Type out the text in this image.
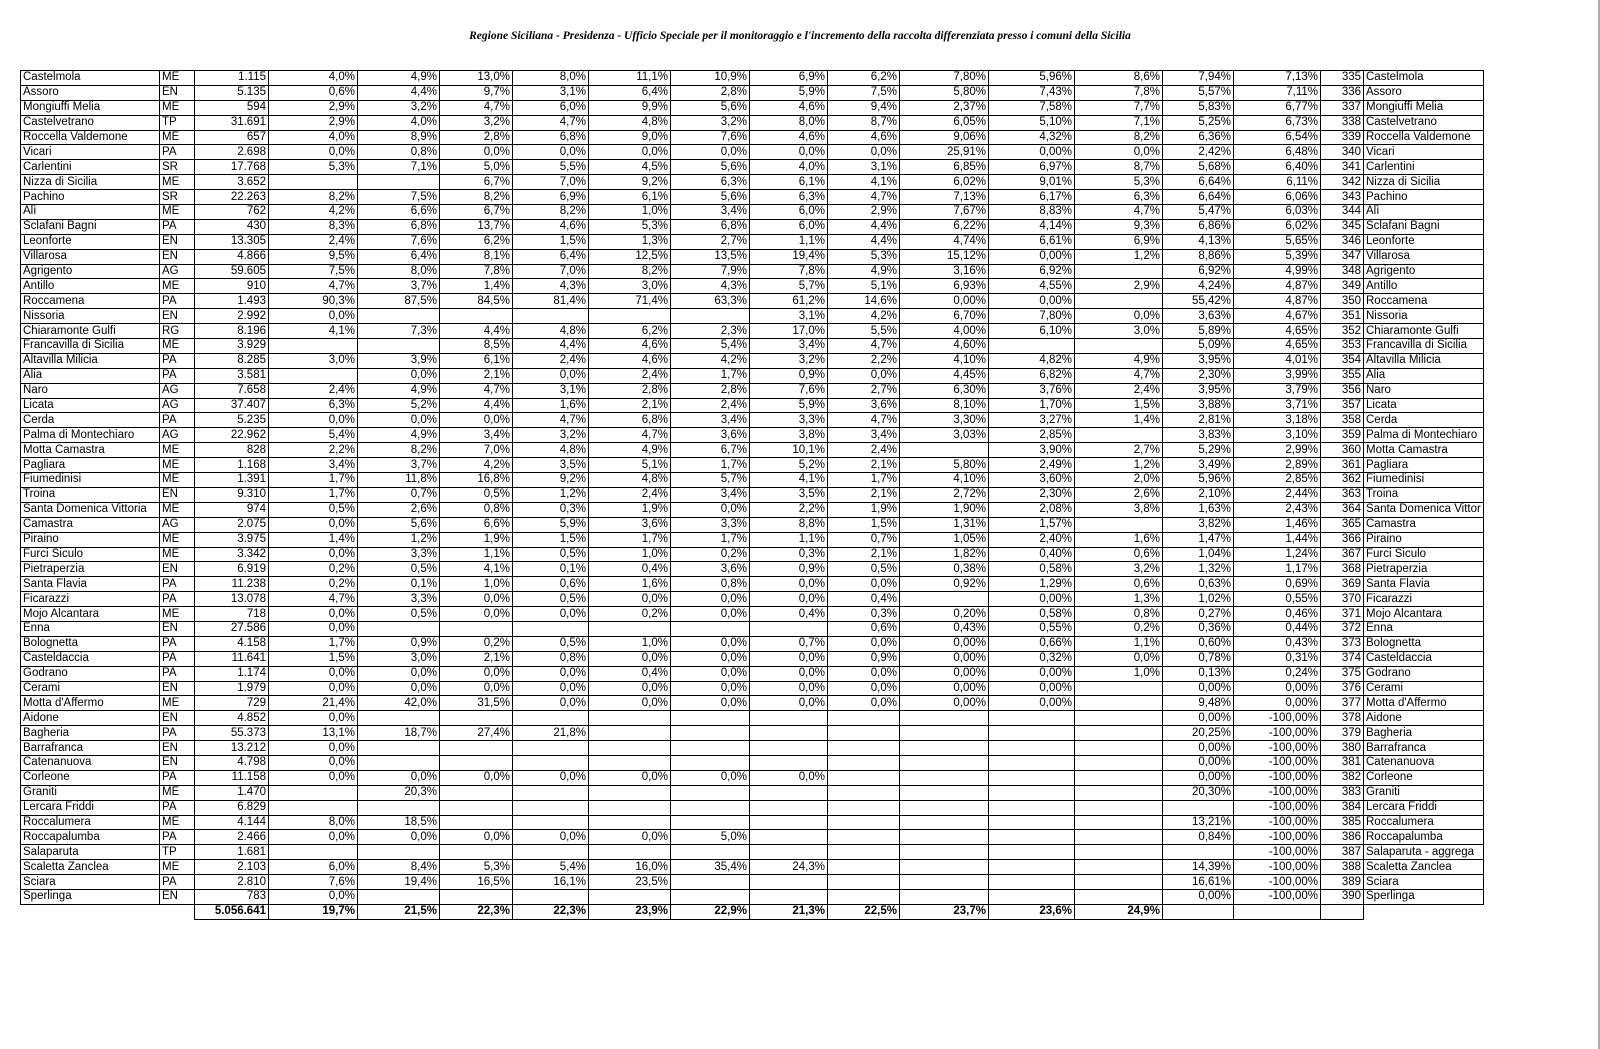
Regione Siciliana - Presidenza - Ufficio Speciale per il monitoraggio e l'incremento della raccolta differenziata presso i comuni della Sicilia
Castelmola	ME	1.115	4,0%	4,9%	13,0%	8,0%	11,1%	10,9%	6,9%	6,2%	7,80%	5,96%	8,6%	7,94%	7,13%	335	Castelmola
Assoro	EN	5.135	0,6%	4,4%	9,7%	3,1%	6,4%	2,8%	5,9%	7,5%	5,80%	7,43%	7,8%	5,57%	7,11%	336	Assoro
Mongiuffi Melia	ME	594	2,9%	3,2%	4,7%	6,0%	9,9%	5,6%	4,6%	9,4%	2,37%	7,58%	7,7%	5,83%	6,77%	337	Mongiuffi Melia
Castelvetrano	TP	31.691	2,9%	4,0%	3,2%	4,7%	4,8%	3,2%	8,0%	8,7%	6,05%	5,10%	7,1%	5,25%	6,73%	338	Castelvetrano
Roccella Valdemone	ME	657	4,0%	8,9%	2,8%	6,8%	9,0%	7,6%	4,6%	4,6%	9,06%	4,32%	8,2%	6,36%	6,54%	339	Roccella Valdemone
Vicari	PA	2.698	0,0%	0,8%	0,0%	0,0%	0,0%	0,0%	0,0%	0,0%	25,91%	0,00%	0,0%	2,42%	6,48%	340	Vicari
Carlentini	SR	17.768	5,3%	7,1%	5,0%	5,5%	4,5%	5,6%	4,0%	3,1%	6,85%	6,97%	8,7%	5,68%	6,40%	341	Carlentini
Nizza di Sicilia	ME	3.652			6,7%	7,0%	9,2%	6,3%	6,1%	4,1%	6,02%	9,01%	5,3%	6,64%	6,11%	342	Nizza di Sicilia
Pachino	SR	22.263	8,2%	7,5%	8,2%	6,9%	6,1%	5,6%	6,3%	4,7%	7,13%	6,17%	6,3%	6,64%	6,06%	343	Pachino
Alì	ME	762	4,2%	6,6%	6,7%	8,2%	1,0%	3,4%	6,0%	2,9%	7,67%	8,83%	4,7%	5,47%	6,03%	344	Alì
Sclafani Bagni	PA	430	8,3%	6,8%	13,7%	4,6%	5,3%	6,8%	6,0%	4,4%	6,22%	4,14%	9,3%	6,86%	6,02%	345	Sclafani Bagni
Leonforte	EN	13.305	2,4%	7,6%	6,2%	1,5%	1,3%	2,7%	1,1%	4,4%	4,74%	6,61%	6,9%	4,13%	5,65%	346	Leonforte
Villarosa	EN	4.866	9,5%	6,4%	8,1%	6,4%	12,5%	13,5%	19,4%	5,3%	15,12%	0,00%	1,2%	8,86%	5,39%	347	Villarosa
Agrigento	AG	59.605	7,5%	8,0%	7,8%	7,0%	8,2%	7,9%	7,8%	4,9%	3,16%	6,92%		6,92%	4,99%	348	Agrigento
Antillo	ME	910	4,7%	3,7%	1,4%	4,3%	3,0%	4,3%	5,7%	5,1%	6,93%	4,55%	2,9%	4,24%	4,87%	349	Antillo
Roccamena	PA	1.493	90,3%	87,5%	84,5%	81,4%	71,4%	63,3%	61,2%	14,6%	0,00%	0,00%		55,42%	4,87%	350	Roccamena
Nissoria	EN	2.992	0,0%						3,1%	4,2%	6,70%	7,80%	0,0%	3,63%	4,67%	351	Nissoria
Chiaramonte Gulfi	RG	8.196	4,1%	7,3%	4,4%	4,8%	6,2%	2,3%	17,0%	5,5%	4,00%	6,10%	3,0%	5,89%	4,65%	352	Chiaramonte Gulfi
Francavilla di Sicilia	ME	3.929			8,5%	4,4%	4,6%	5,4%	3,4%	4,7%	4,60%			5,09%	4,65%	353	Francavilla di Sicilia
Altavilla Milicia	PA	8.285	3,0%	3,9%	6,1%	2,4%	4,6%	4,2%	3,2%	2,2%	4,10%	4,82%	4,9%	3,95%	4,01%	354	Altavilla Milicia
Alia	PA	3.581		0,0%	2,1%	0,0%	2,4%	1,7%	0,9%	0,0%	4,45%	6,82%	4,7%	2,30%	3,99%	355	Alia
Naro	AG	7.658	2,4%	4,9%	4,7%	3,1%	2,8%	2,8%	7,6%	2,7%	6,30%	3,76%	2,4%	3,95%	3,79%	356	Naro
Licata	AG	37.407	6,3%	5,2%	4,4%	1,6%	2,1%	2,4%	5,9%	3,6%	8,10%	1,70%	1,5%	3,88%	3,71%	357	Licata
Cerda	PA	5.235	0,0%	0,0%	0,0%	4,7%	6,8%	3,4%	3,3%	4,7%	3,30%	3,27%	1,4%	2,81%	3,18%	358	Cerda
Palma di Montechiaro	AG	22.962	5,4%	4,9%	3,4%	3,2%	4,7%	3,6%	3,8%	3,4%	3,03%	2,85%		3,83%	3,10%	359	Palma di Montechiaro
Motta Camastra	ME	828	2,2%	8,2%	7,0%	4,8%	4,9%	6,7%	10,1%	2,4%		3,90%	2,7%	5,29%	2,99%	360	Motta Camastra
Pagliara	ME	1.168	3,4%	3,7%	4,2%	3,5%	5,1%	1,7%	5,2%	2,1%	5,80%	2,49%	1,2%	3,49%	2,89%	361	Pagliara
Fiumedinisi	ME	1.391	1,7%	11,8%	16,8%	9,2%	4,8%	5,7%	4,1%	1,7%	4,10%	3,60%	2,0%	5,96%	2,85%	362	Fiumedinisi
Troina	EN	9.310	1,7%	0,7%	0,5%	1,2%	2,4%	3,4%	3,5%	2,1%	2,72%	2,30%	2,6%	2,10%	2,44%	363	Troina
Santa Domenica Vittoria	ME	974	0,5%	2,6%	0,8%	0,3%	1,9%	0,0%	2,2%	1,9%	1,90%	2,08%	3,8%	1,63%	2,43%	364	Santa Domenica Vittor
Camastra	AG	2.075	0,0%	5,6%	6,6%	5,9%	3,6%	3,3%	8,8%	1,5%	1,31%	1,57%		3,82%	1,46%	365	Camastra
Piraino	ME	3.975	1,4%	1,2%	1,9%	1,5%	1,7%	1,7%	1,1%	0,7%	1,05%	2,40%	1,6%	1,47%	1,44%	366	Piraino
Furci Siculo	ME	3.342	0,0%	3,3%	1,1%	0,5%	1,0%	0,2%	0,3%	2,1%	1,82%	0,40%	0,6%	1,04%	1,24%	367	Furci Siculo
Pietraperzia	EN	6.919	0,2%	0,5%	4,1%	0,1%	0,4%	3,6%	0,9%	0,5%	0,38%	0,58%	3,2%	1,32%	1,17%	368	Pietraperzia
Santa Flavia	PA	11.238	0,2%	0,1%	1,0%	0,6%	1,6%	0,8%	0,0%	0,0%	0,92%	1,29%	0,6%	0,63%	0,69%	369	Santa Flavia
Ficarazzi	PA	13.078	4,7%	3,3%	0,0%	0,5%	0,0%	0,0%	0,0%	0,4%		0,00%	1,3%	1,02%	0,55%	370	Ficarazzi
Mojo Alcantara	ME	718	0,0%	0,5%	0,0%	0,0%	0,2%	0,0%	0,4%	0,3%	0,20%	0,58%	0,8%	0,27%	0,46%	371	Mojo Alcantara
Enna	EN	27.586	0,0%							0,6%	0,43%	0,55%	0,2%	0,36%	0,44%	372	Enna
Bolognetta	PA	4.158	1,7%	0,9%	0,2%	0,5%	1,0%	0,0%	0,7%	0,0%	0,00%	0,66%	1,1%	0,60%	0,43%	373	Bolognetta
Casteldaccia	PA	11.641	1,5%	3,0%	2,1%	0,8%	0,0%	0,0%	0,0%	0,9%	0,00%	0,32%	0,0%	0,78%	0,31%	374	Casteldaccia
Godrano	PA	1.174	0,0%	0,0%	0,0%	0,0%	0,4%	0,0%	0,0%	0,0%	0,00%	0,00%	1,0%	0,13%	0,24%	375	Godrano
Cerami	EN	1.979	0,0%	0,0%	0,0%	0,0%	0,0%	0,0%	0,0%	0,0%	0,00%	0,00%		0,00%	0,00%	376	Cerami
Motta d'Affermo	ME	729	21,4%	42,0%	31,5%	0,0%	0,0%	0,0%	0,0%	0,0%	0,00%	0,00%		9,48%	0,00%	377	Motta d'Affermo
Aidone	EN	4.852	0,0%											0,00%	-100,00%	378	Aidone
Bagheria	PA	55.373	13,1%	18,7%	27,4%	21,8%								20,25%	-100,00%	379	Bagheria
Barrafranca	EN	13.212	0,0%											0,00%	-100,00%	380	Barrafranca
Catenanuova	EN	4.798	0,0%											0,00%	-100,00%	381	Catenanuova
Corleone	PA	11.158	0,0%	0,0%	0,0%	0,0%	0,0%	0,0%	0,0%					0,00%	-100,00%	382	Corleone
Graniti	ME	1.470		20,3%										20,30%	-100,00%	383	Graniti
Lercara Friddi	PA	6.829													-100,00%	384	Lercara Friddi
Roccalumera	ME	4.144	8,0%	18,5%										13,21%	-100,00%	385	Roccalumera
Roccapalumba	PA	2.466	0,0%	0,0%	0,0%	0,0%	0,0%	5,0%						0,84%	-100,00%	386	Roccapalumba
Salaparuta	TP	1.681													-100,00%	387	Salaparuta - aggrega
Scaletta Zanclea	ME	2.103	6,0%	8,4%	5,3%	5,4%	16,0%	35,4%	24,3%					14,39%	-100,00%	388	Scaletta Zanclea
Sciara	PA	2.810	7,6%	19,4%	16,5%	16,1%	23,5%							16,61%	-100,00%	389	Sciara
Sperlinga	EN	783	0,0%											0,00%	-100,00%	390	Sperlinga
		5.056.641	19,7%	21,5%	22,3%	22,3%	23,9%	22,9%	21,3%	22,5%	23,7%	23,6%	24,9%				
